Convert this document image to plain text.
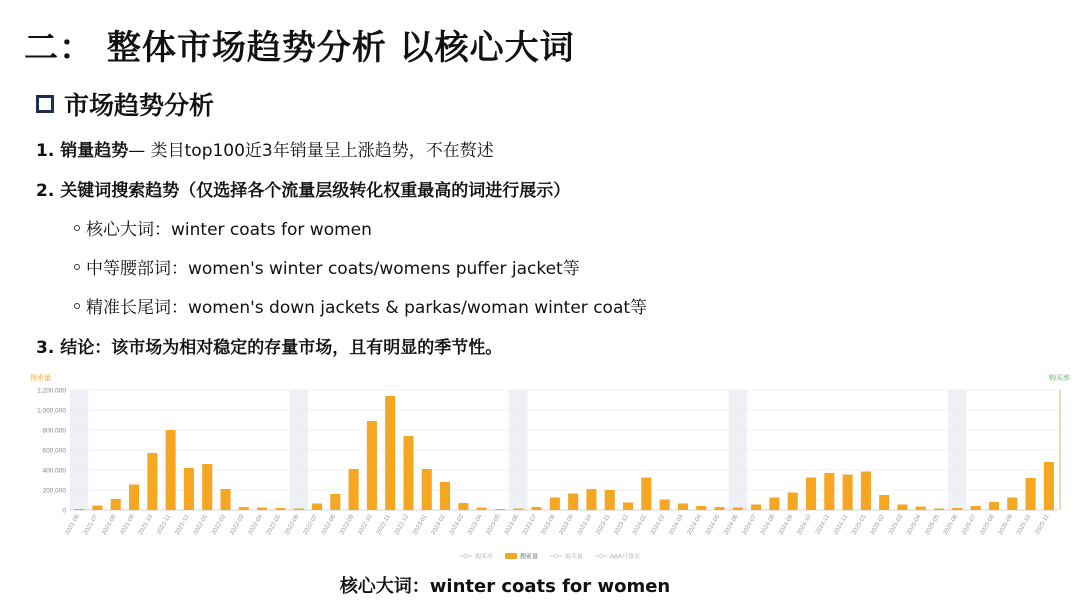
二： 整体市场趋势分析 以核心大词
市场趋势分析
1. 销量趋势— 类目top100近3年销量呈上涨趋势，不在赘述
2. 关键词搜索趋势（仅选择各个流量层级转化权重最高的词进行展示）
核心大词：winter coats for women
中等腰部词：women's winter coats/womens puffer jacket等
精准长尾词：women's down jackets & parkas/woman winter coat等
3. 结论：该市场为相对稳定的存量市场，且有明显的季节性。
搜索量	购买率
0
200,000
400,000
600,000
800,000
1,000,000
1,200,000
2021-06 2021-07 2021-08 2021-09 2021-10 2021-11 2021-12 2022-01 2022-02 2022-03 2022-04 2022-05 2022-06 2022-07 2022-08 2022-09 2022-10 2022-11 2022-12 2023-01 2023-02 2023-03 2023-04 2023-05 2023-06 2023-07 2023-08 2023-09 2023-10 2023-11 2023-12 2024-01 2024-02 2024-03 2024-04 2024-05 2024-06 2024-07 2024-08 2024-09 2024-10 2024-11 2024-12 2025-01 2025-02 2025-03 2025-04 2025-05 2025-06 2025-07 2025-08 2025-09 2025-10 2025-11
购买率	搜索量	购买量	ABA月排名
核心大词：winter coats for women
